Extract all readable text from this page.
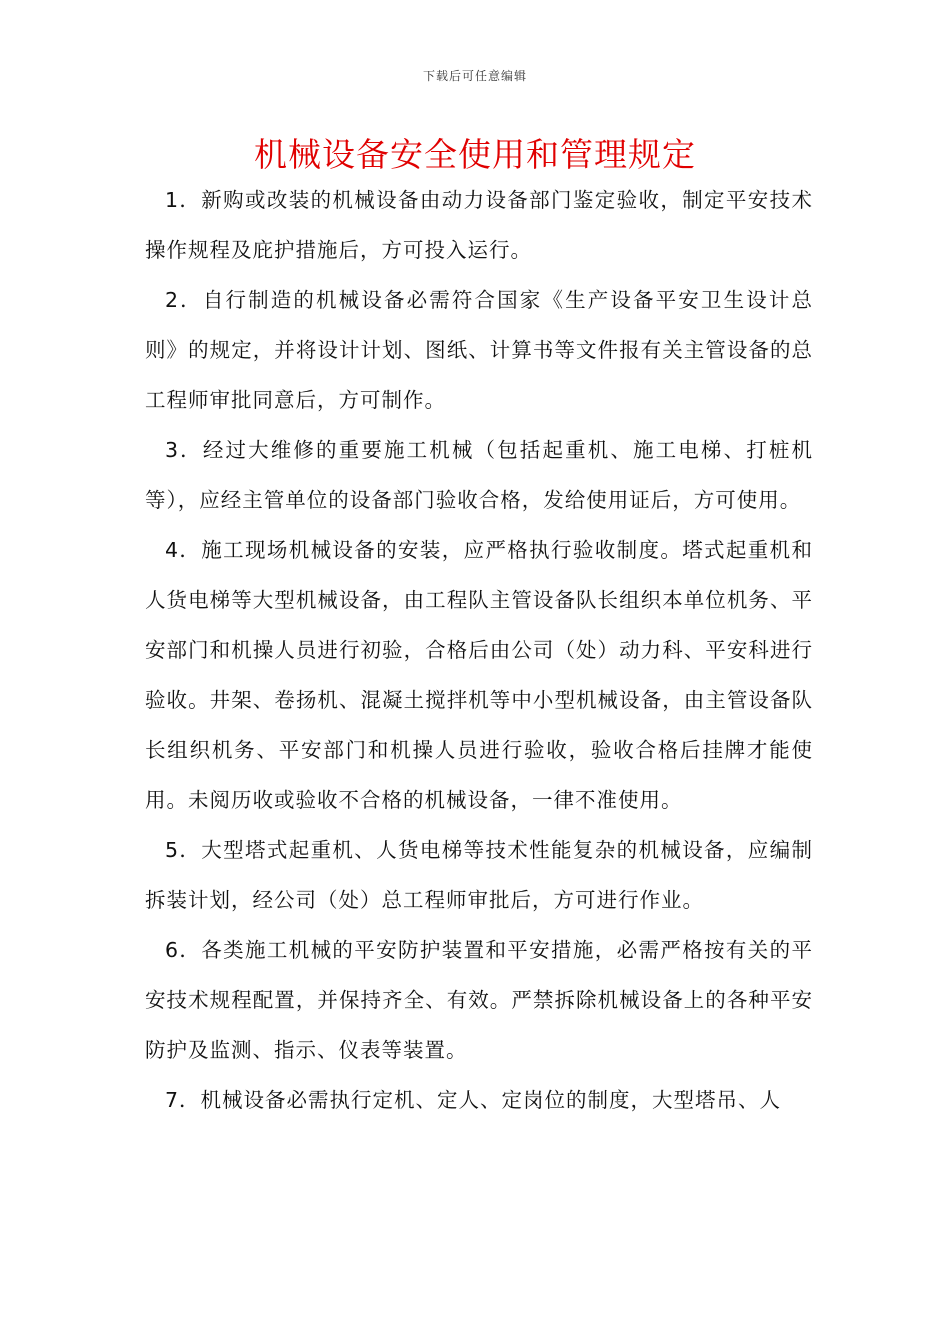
下载后可任意编辑
机械设备安全使用和管理规定

1．新购或改装的机械设备由动力设备部门鉴定验收，制定平安技术操作规程及庇护措施后，方可投入运行。

2．自行制造的机械设备必需符合国家《生产设备平安卫生设计总则》的规定，并将设计计划、图纸、计算书等文件报有关主管设备的总工程师审批同意后，方可制作。

3．经过大维修的重要施工机械（包括起重机、施工电梯、打桩机等），应经主管单位的设备部门验收合格，发给使用证后，方可使用。

4．施工现场机械设备的安装，应严格执行验收制度。塔式起重机和人货电梯等大型机械设备，由工程队主管设备队长组织本单位机务、平安部门和机操人员进行初验，合格后由公司（处）动力科、平安科进行验收。井架、卷扬机、混凝土搅拌机等中小型机械设备，由主管设备队长组织机务、平安部门和机操人员进行验收，验收合格后挂牌才能使用。未阅历收或验收不合格的机械设备，一律不准使用。

5．大型塔式起重机、人货电梯等技术性能复杂的机械设备，应编制拆装计划，经公司（处）总工程师审批后，方可进行作业。

6．各类施工机械的平安防护装置和平安措施，必需严格按有关的平安技术规程配置，并保持齐全、有效。严禁拆除机械设备上的各种平安防护及监测、指示、仪表等装置。

7．机械设备必需执行定机、定人、定岗位的制度，大型塔吊、人
